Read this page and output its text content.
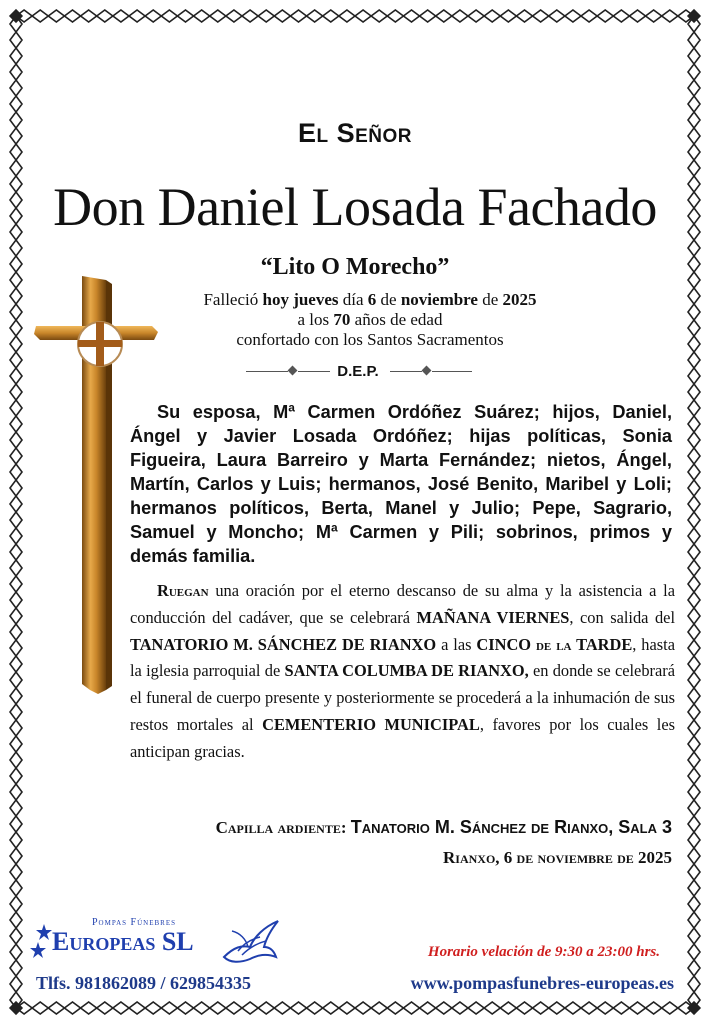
El Señor
Don Daniel Losada Fachado
“Lito O Morecho”
Falleció hoy jueves día 6 de noviembre de 2025
a los 70 años de edad
confortado con los Santos Sacramentos
D.E.P.
Su esposa, Mª Carmen Ordóñez Suárez; hijos, Daniel, Ángel y Javier Losada Ordóñez; hijas políticas, Sonia Figueira, Laura Barreiro y Marta Fernández; nietos, Ángel, Martín, Carlos y Luis; hermanos, José Benito, Maribel y Loli; hermanos políticos, Berta, Manel y Julio; Pepe, Sagrario, Samuel y Moncho; Mª Carmen y Pili; sobrinos, primos y demás familia.
Ruegan una oración por el eterno descanso de su alma y la asistencia a la conducción del cadáver, que se celebrará MAÑANA VIERNES, con salida del TANATORIO M. SÁNCHEZ DE RIANXO a las CINCO de la TARDE, hasta la iglesia parroquial de SANTA COLUMBA DE RIANXO, en donde se celebrará el funeral de cuerpo presente y posteriormente se procederá a la inhumación de sus restos mortales al CEMENTERIO MUNICIPAL, favores por los cuales les anticipan gracias.
Capilla ardiente: Tanatorio M. Sánchez de Rianxo, Sala 3
Rianxo, 6 de noviembre de 2025
Pompas Fúnebres
Europeas SL
Tlfs. 981862089 / 629854335
Horario velación de 9:30 a 23:00 hrs.
www.pompasfunebres-europeas.es
